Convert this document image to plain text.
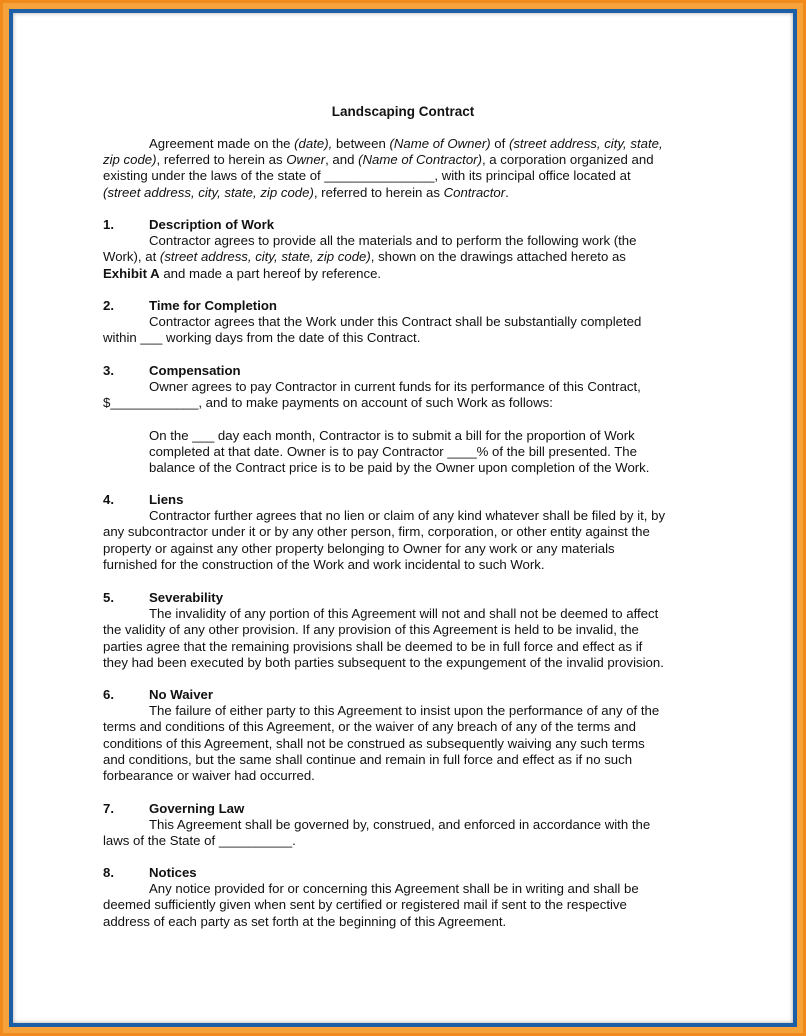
Landscaping Contract
Agreement made on the (date), between (Name of Owner) of (street address, city, state,
zip code), referred to herein as Owner, and (Name of Contractor), a corporation organized and
existing under the laws of the state of _______________, with its principal office located at
(street address, city, state, zip code), referred to herein as Contractor.
1.	Description of Work
Contractor agrees to provide all the materials and to perform the following work (the
Work), at (street address, city, state, zip code), shown on the drawings attached hereto as
Exhibit A and made a part hereof by reference.
2.	Time for Completion
Contractor agrees that the Work under this Contract shall be substantially completed
within ___ working days from the date of this Contract.
3.	Compensation
Owner agrees to pay Contractor in current funds for its performance of this Contract,
$____________, and to make payments on account of such Work as follows:
On the ___ day each month, Contractor is to submit a bill for the proportion of Work
completed at that date. Owner is to pay Contractor ____% of the bill presented. The
balance of the Contract price is to be paid by the Owner upon completion of the Work.
4.	Liens
Contractor further agrees that no lien or claim of any kind whatever shall be filed by it, by
any subcontractor under it or by any other person, firm, corporation, or other entity against the
property or against any other property belonging to Owner for any work or any materials
furnished for the construction of the Work and work incidental to such Work.
5.	Severability
The invalidity of any portion of this Agreement will not and shall not be deemed to affect
the validity of any other provision. If any provision of this Agreement is held to be invalid, the
parties agree that the remaining provisions shall be deemed to be in full force and effect as if
they had been executed by both parties subsequent to the expungement of the invalid provision.
6.	No Waiver
The failure of either party to this Agreement to insist upon the performance of any of the
terms and conditions of this Agreement, or the waiver of any breach of any of the terms and
conditions of this Agreement, shall not be construed as subsequently waiving any such terms
and conditions, but the same shall continue and remain in full force and effect as if no such
forbearance or waiver had occurred.
7.	Governing Law
This Agreement shall be governed by, construed, and enforced in accordance with the
laws of the State of __________.
8.	Notices
Any notice provided for or concerning this Agreement shall be in writing and shall be
deemed sufficiently given when sent by certified or registered mail if sent to the respective
address of each party as set forth at the beginning of this Agreement.
